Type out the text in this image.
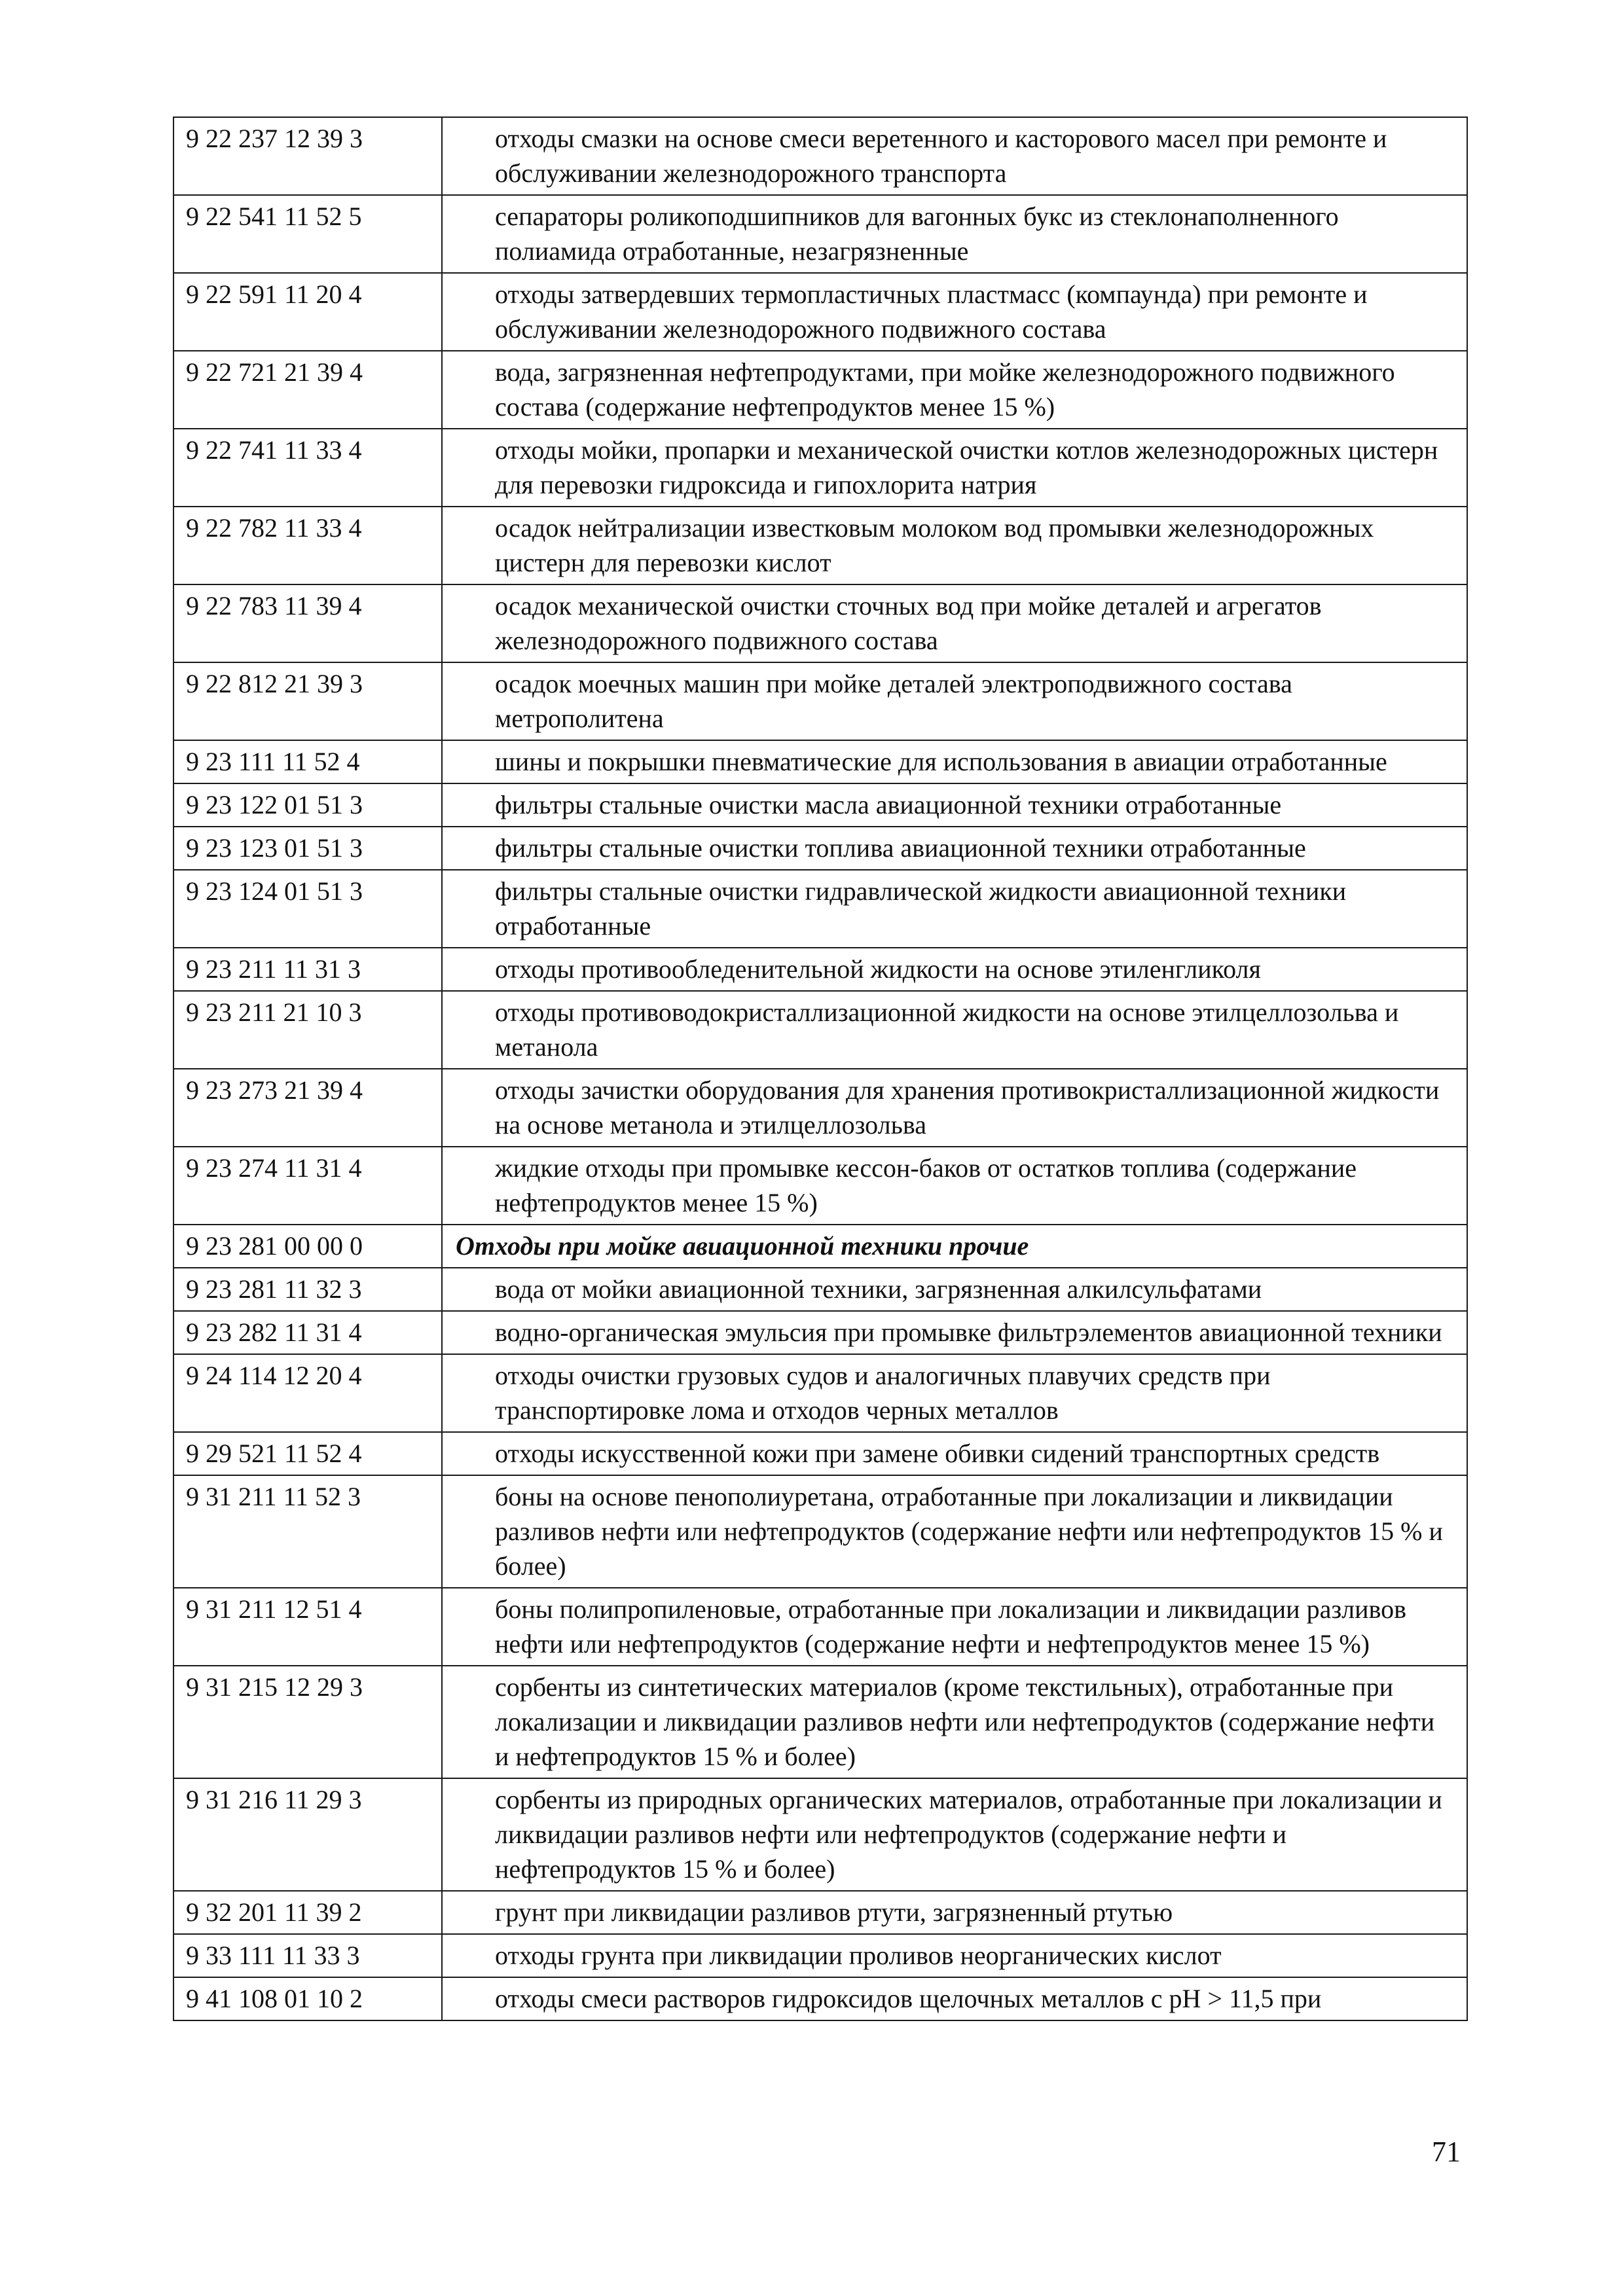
9 22 237 12 39 3	отходы смазки на основе смеси веретенного и касторового масел при ремонте и обслуживании железнодорожного транспорта
9 22 541 11 52 5	сепараторы роликоподшипников для вагонных букс из стеклонаполненного полиамида отработанные, незагрязненные
9 22 591 11 20 4	отходы затвердевших термопластичных пластмасс (компаунда) при ремонте и обслуживании железнодорожного подвижного состава
9 22 721 21 39 4	вода, загрязненная нефтепродуктами, при мойке железнодорожного подвижного состава (содержание нефтепродуктов менее 15 %)
9 22 741 11 33 4	отходы мойки, пропарки и механической очистки котлов железнодорожных цистерн для перевозки гидроксида и гипохлорита натрия
9 22 782 11 33 4	осадок нейтрализации известковым молоком вод промывки железнодорожных цистерн для перевозки кислот
9 22 783 11 39 4	осадок механической очистки сточных вод при мойке деталей и агрегатов железнодорожного подвижного состава
9 22 812 21 39 3	осадок моечных машин при мойке деталей электроподвижного состава метрополитена
9 23 111 11 52 4	шины и покрышки пневматические для использования в авиации отработанные
9 23 122 01 51 3	фильтры стальные очистки масла авиационной техники отработанные
9 23 123 01 51 3	фильтры стальные очистки топлива авиационной техники отработанные
9 23 124 01 51 3	фильтры стальные очистки гидравлической жидкости авиационной техники отработанные
9 23 211 11 31 3	отходы противообледенительной жидкости на основе этиленгликоля
9 23 211 21 10 3	отходы противоводокристаллизационной жидкости на основе этилцеллозольва и метанола
9 23 273 21 39 4	отходы зачистки оборудования для хранения противокристаллизационной жидкости на основе метанола и этилцеллозольва
9 23 274 11 31 4	жидкие отходы при промывке кессон-баков от остатков топлива (содержание нефтепродуктов менее 15 %)
9 23 281 00 00 0	Отходы при мойке авиационной техники прочие
9 23 281 11 32 3	вода от мойки авиационной техники, загрязненная алкилсульфатами
9 23 282 11 31 4	водно-органическая эмульсия при промывке фильтрэлементов авиационной техники
9 24 114 12 20 4	отходы очистки грузовых судов и аналогичных плавучих средств при транспортировке лома и отходов черных металлов
9 29 521 11 52 4	отходы искусственной кожи при замене обивки сидений транспортных средств
9 31 211 11 52 3	боны на основе пенополиуретана, отработанные при локализации и ликвидации разливов нефти или нефтепродуктов (содержание нефти или нефтепродуктов 15 % и более)
9 31 211 12 51 4	боны полипропиленовые, отработанные при локализации и ликвидации разливов нефти или нефтепродуктов (содержание нефти и нефтепродуктов менее 15 %)
9 31 215 12 29 3	сорбенты из синтетических материалов (кроме текстильных), отработанные при локализации и ликвидации разливов нефти или нефтепродуктов (содержание нефти и нефтепродуктов 15 % и более)
9 31 216 11 29 3	сорбенты из природных органических материалов, отработанные при локализации и ликвидации разливов нефти или нефтепродуктов (содержание нефти и нефтепродуктов 15 % и более)
9 32 201 11 39 2	грунт при ликвидации разливов ртути, загрязненный ртутью
9 33 111 11 33 3	отходы грунта при ликвидации проливов неорганических кислот
9 41 108 01 10 2	отходы смеси растворов гидроксидов щелочных металлов с pH > 11,5 при
71
